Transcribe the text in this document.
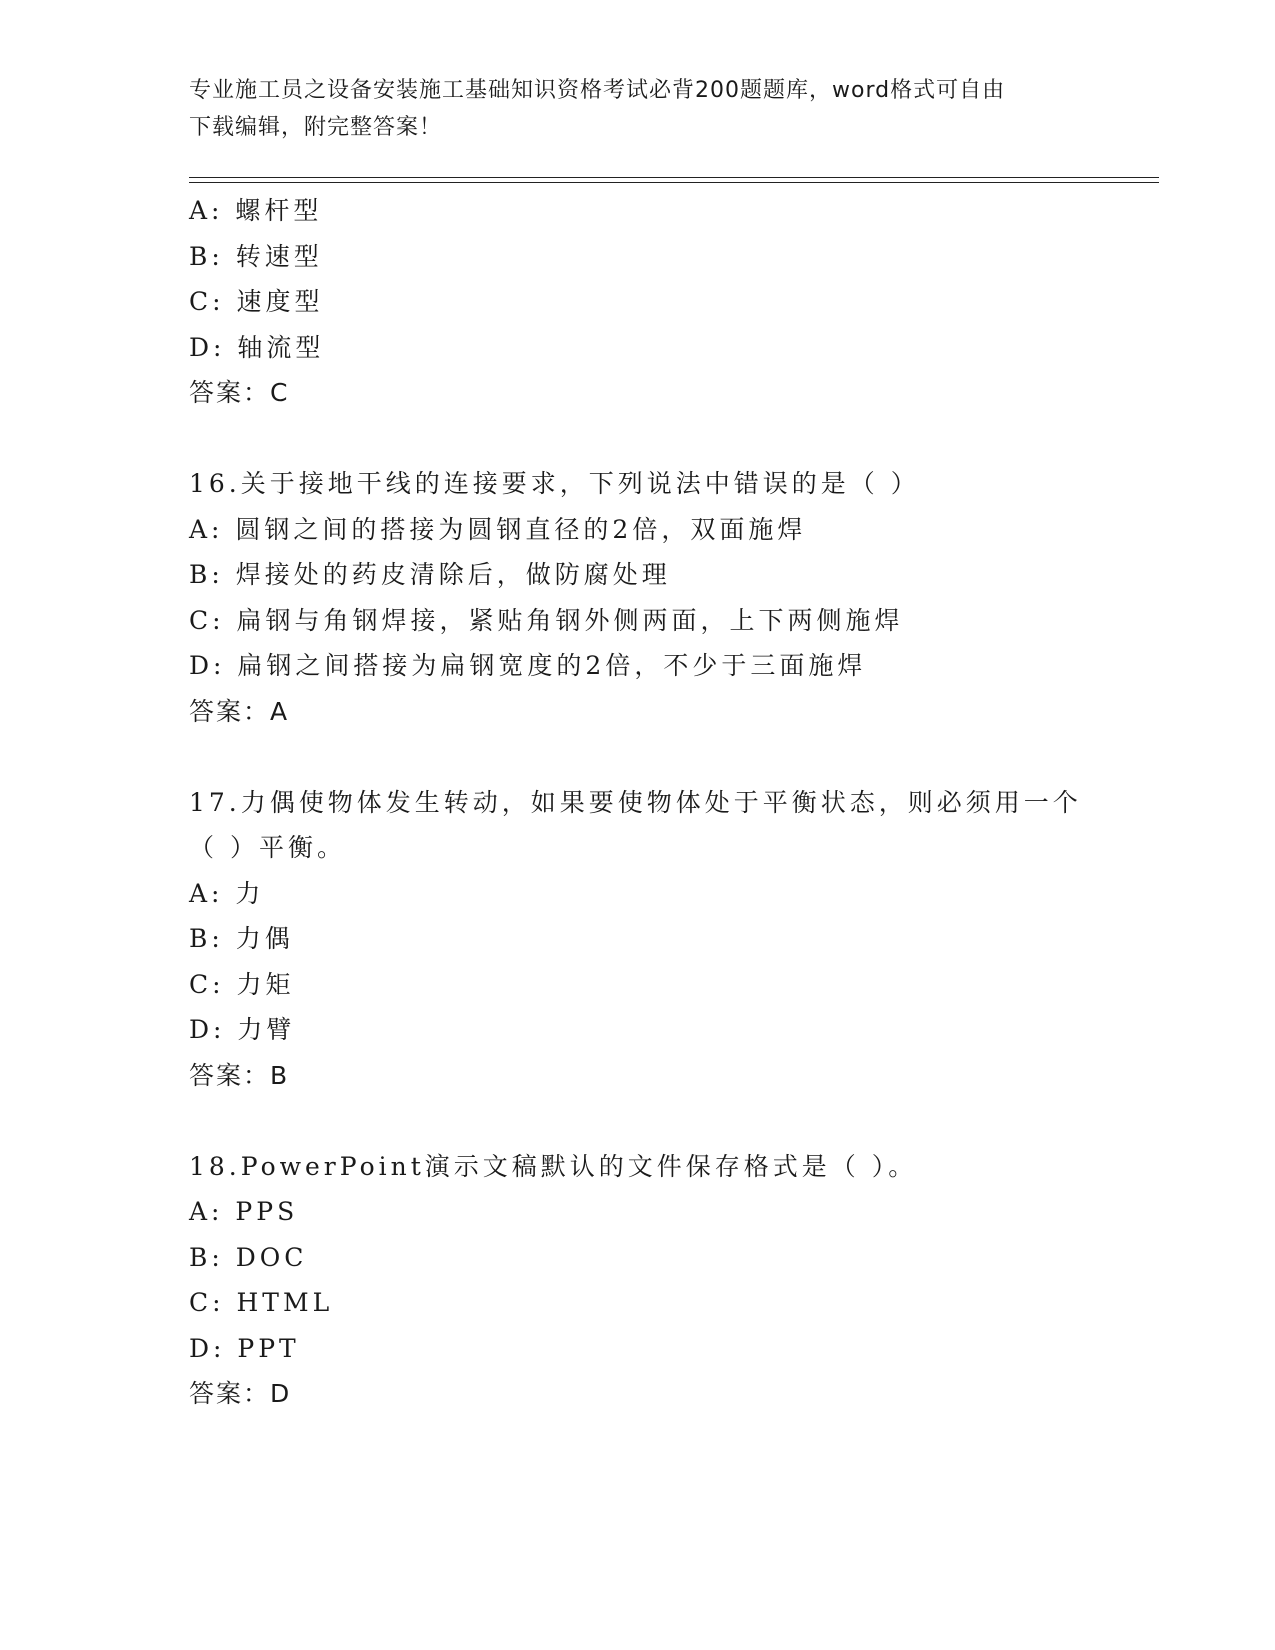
专业施工员之设备安装施工基础知识资格考试必背200题题库，word格式可自由
下载编辑，附完整答案！
A: 螺杆型
B: 转速型
C: 速度型
D: 轴流型
答案：C
16.关于接地干线的连接要求，下列说法中错误的是（ ）
A: 圆钢之间的搭接为圆钢直径的2倍，双面施焊
B: 焊接处的药皮清除后，做防腐处理
C: 扁钢与角钢焊接，紧贴角钢外侧两面，上下两侧施焊
D: 扁钢之间搭接为扁钢宽度的2倍，不少于三面施焊
答案：A
17.力偶使物体发生转动，如果要使物体处于平衡状态，则必须用一个
（ ）平衡。
A: 力
B: 力偶
C: 力矩
D: 力臂
答案：B
18.PowerPoint演示文稿默认的文件保存格式是（ ）。
A: PPS
B: DOC
C: HTML
D: PPT
答案：D
